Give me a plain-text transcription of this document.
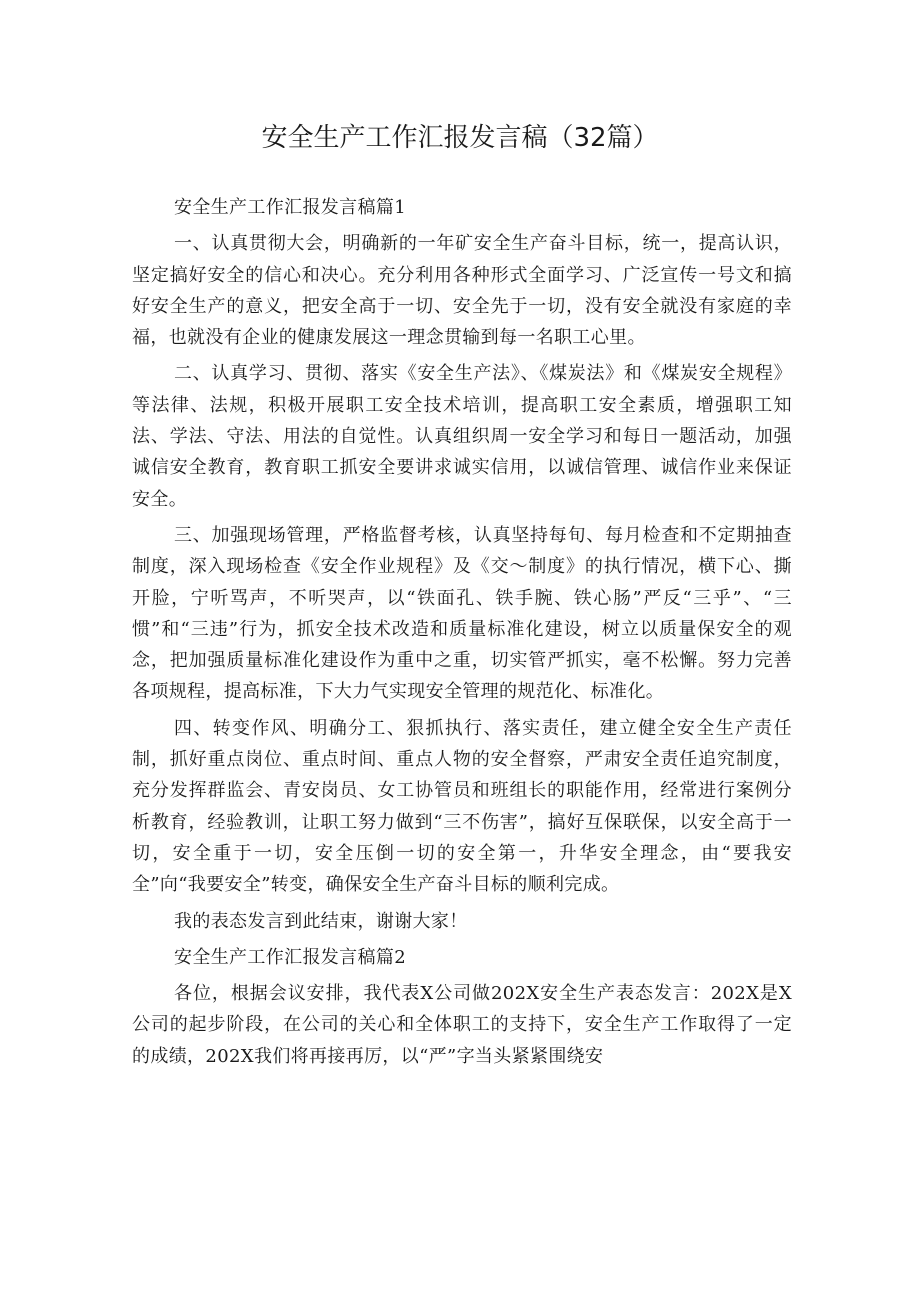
安全生产工作汇报发言稿（32篇）

安全生产工作汇报发言稿篇1

一、认真贯彻大会，明确新的一年矿安全生产奋斗目标，统一，提高认识，坚定搞好安全的信心和决心。充分利用各种形式全面学习、广泛宣传一号文和搞好安全生产的意义，把安全高于一切、安全先于一切，没有安全就没有家庭的幸福，也就没有企业的健康发展这一理念贯输到每一名职工心里。

二、认真学习、贯彻、落实《安全生产法》、《煤炭法》和《煤炭安全规程》等法律、法规，积极开展职工安全技术培训，提高职工安全素质，增强职工知法、学法、守法、用法的自觉性。认真组织周一安全学习和每日一题活动，加强诚信安全教育，教育职工抓安全要讲求诚实信用，以诚信管理、诚信作业来保证安全。

三、加强现场管理，严格监督考核，认真坚持每旬、每月检查和不定期抽查制度，深入现场检查《安全作业规程》及《交～制度》的执行情况，横下心、撕开脸，宁听骂声，不听哭声，以“铁面孔、铁手腕、铁心肠”严反“三乎”、“三惯”和“三违”行为，抓安全技术改造和质量标准化建设，树立以质量保安全的观念，把加强质量标准化建设作为重中之重，切实管严抓实，毫不松懈。努力完善各项规程，提高标准，下大力气实现安全管理的规范化、标准化。

四、转变作风、明确分工、狠抓执行、落实责任，建立健全安全生产责任制，抓好重点岗位、重点时间、重点人物的安全督察，严肃安全责任追究制度，充分发挥群监会、青安岗员、女工协管员和班组长的职能作用，经常进行案例分析教育，经验教训，让职工努力做到“三不伤害”，搞好互保联保，以安全高于一切，安全重于一切，安全压倒一切的安全第一，升华安全理念，由“要我安全”向“我要安全”转变，确保安全生产奋斗目标的顺利完成。

我的表态发言到此结束，谢谢大家！

安全生产工作汇报发言稿篇2

各位，根据会议安排，我代表X公司做202X安全生产表态发言：202X是X公司的起步阶段，在公司的关心和全体职工的支持下，安全生产工作取得了一定的成绩，202X我们将再接再厉，以“严”字当头紧紧围绕安
